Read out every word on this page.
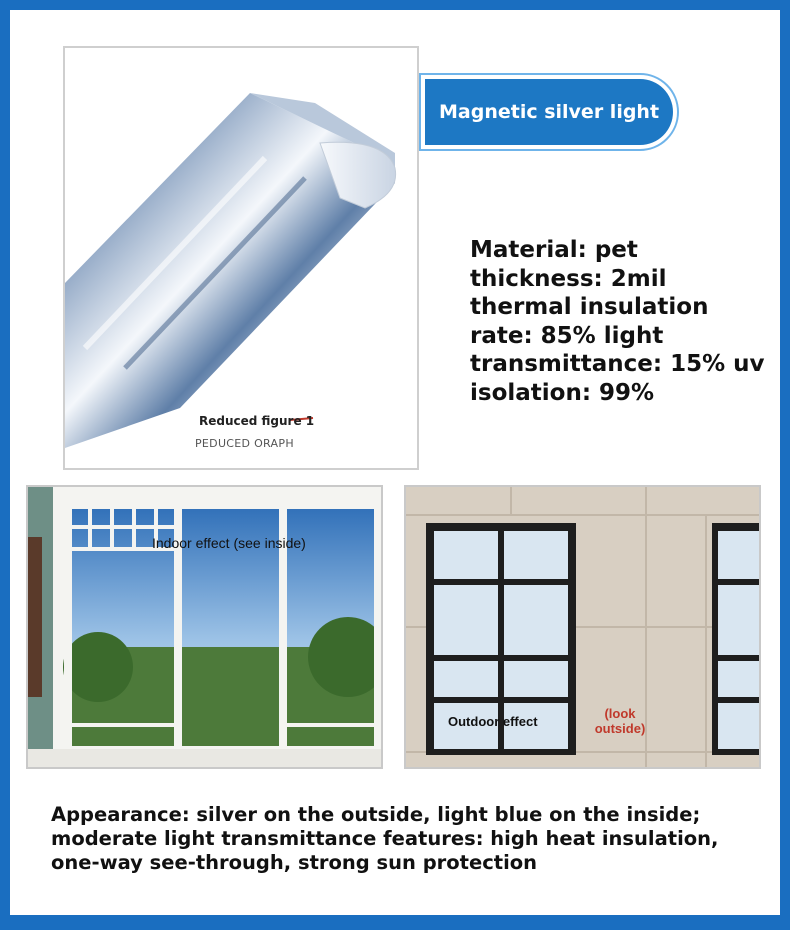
Reduced figure 1
PEDUCED ORAPH
Magnetic silver light
Material: pet thickness: 2mil thermal insulation rate: 85% light transmittance: 15% uv isolation: 99%
Indoor effect (see inside)
Outdoor effect
(look outside)
Appearance: silver on the outside, light blue on the inside; moderate light transmittance features: high heat insulation, one-way see-through, strong sun protection
